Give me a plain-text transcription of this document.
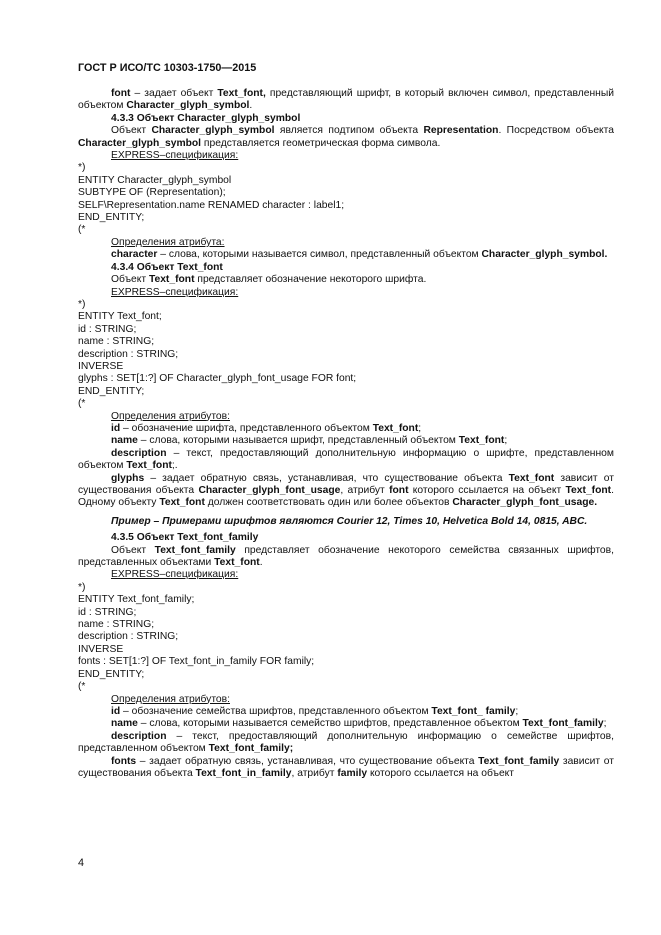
ГОСТ Р ИСО/ТС 10303-1750—2015

font – задает объект Text_font, представляющий шрифт, в который включен символ, представленный объектом Character_glyph_symbol.

4.3.3 Объект Character_glyph_symbol

Объект Character_glyph_symbol является подтипом объекта Representation. Посредством объекта Character_glyph_symbol представляется геометрическая форма символа.

EXPRESS–спецификация:

*)

ENTITY Character_glyph_symbol

SUBTYPE OF (Representation);

SELF\Representation.name RENAMED character : label1;

END_ENTITY;

(*

Определения атрибута:

character – слова, которыми называется символ, представленный объектом Character_glyph_symbol.

4.3.4 Объект Text_font

Объект Text_font представляет обозначение некоторого шрифта.

EXPRESS–спецификация:

*)

ENTITY Text_font;

id : STRING;

name : STRING;

description : STRING;

INVERSE

glyphs : SET[1:?] OF Character_glyph_font_usage FOR font;

END_ENTITY;

(*

Определения атрибутов:

id – обозначение шрифта, представленного объектом Text_font;

name – слова, которыми называется шрифт, представленный объектом Text_font;

description – текст, предоставляющий дополнительную информацию о шрифте, представленном объектом Text_font;.

glyphs – задает обратную связь, устанавливая, что существование объекта Text_font зависит от существования объекта Character_glyph_font_usage, атрибут font которого ссылается на объект Text_font. Одному объекту Text_font должен соответствовать один или более объектов Character_glyph_font_usage.

Пример – Примерами шрифтов являются Courier 12, Times 10, Helvetica Bold 14, 0815, ABC.

4.3.5 Объект Text_font_family

Объект Text_font_family представляет обозначение некоторого семейства связанных шрифтов, представленных объектами Text_font.

EXPRESS–спецификация:

*)

ENTITY Text_font_family;

id : STRING;

name : STRING;

description : STRING;

INVERSE

fonts : SET[1:?] OF Text_font_in_family FOR family;

END_ENTITY;

(*

Определения атрибутов:

id – обозначение семейства шрифтов, представленного объектом Text_font_ family;

name – слова, которыми называется семейство шрифтов, представленное объектом Text_font_family;

description – текст, предоставляющий дополнительную информацию о семействе шрифтов, представленном объектом Text_font_family;

fonts – задает обратную связь, устанавливая, что существование объекта Text_font_family зависит от существования объекта Text_font_in_family, атрибут family которого ссылается на объект

4
